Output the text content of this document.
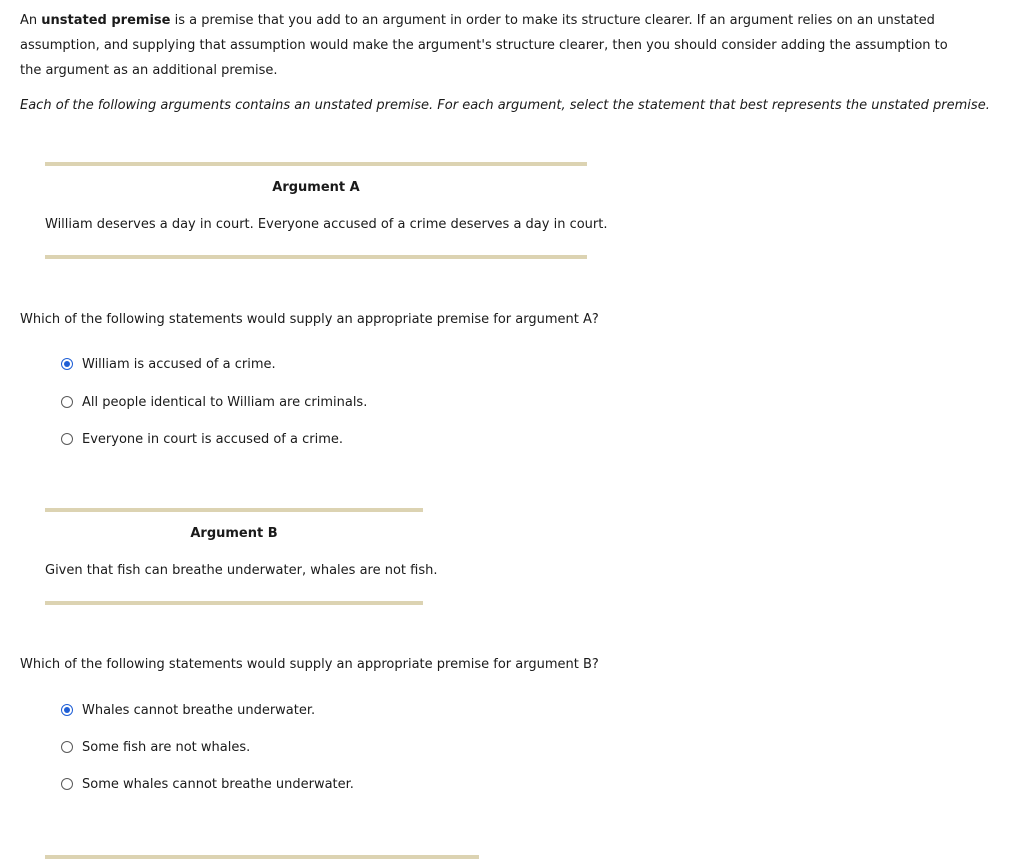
An unstated premise is a premise that you add to an argument in order to make its structure clearer. If an argument relies on an unstated assumption, and supplying that assumption would make the argument's structure clearer, then you should consider adding the assumption to the argument as an additional premise.

Each of the following arguments contains an unstated premise. For each argument, select the statement that best represents the unstated premise.

Argument A
William deserves a day in court. Everyone accused of a crime deserves a day in court.
Which of the following statements would supply an appropriate premise for argument A?
William is accused of a crime.
All people identical to William are criminals.
Everyone in court is accused of a crime.
Argument B
Given that fish can breathe underwater, whales are not fish.
Which of the following statements would supply an appropriate premise for argument B?
Whales cannot breathe underwater.
Some fish are not whales.
Some whales cannot breathe underwater.
